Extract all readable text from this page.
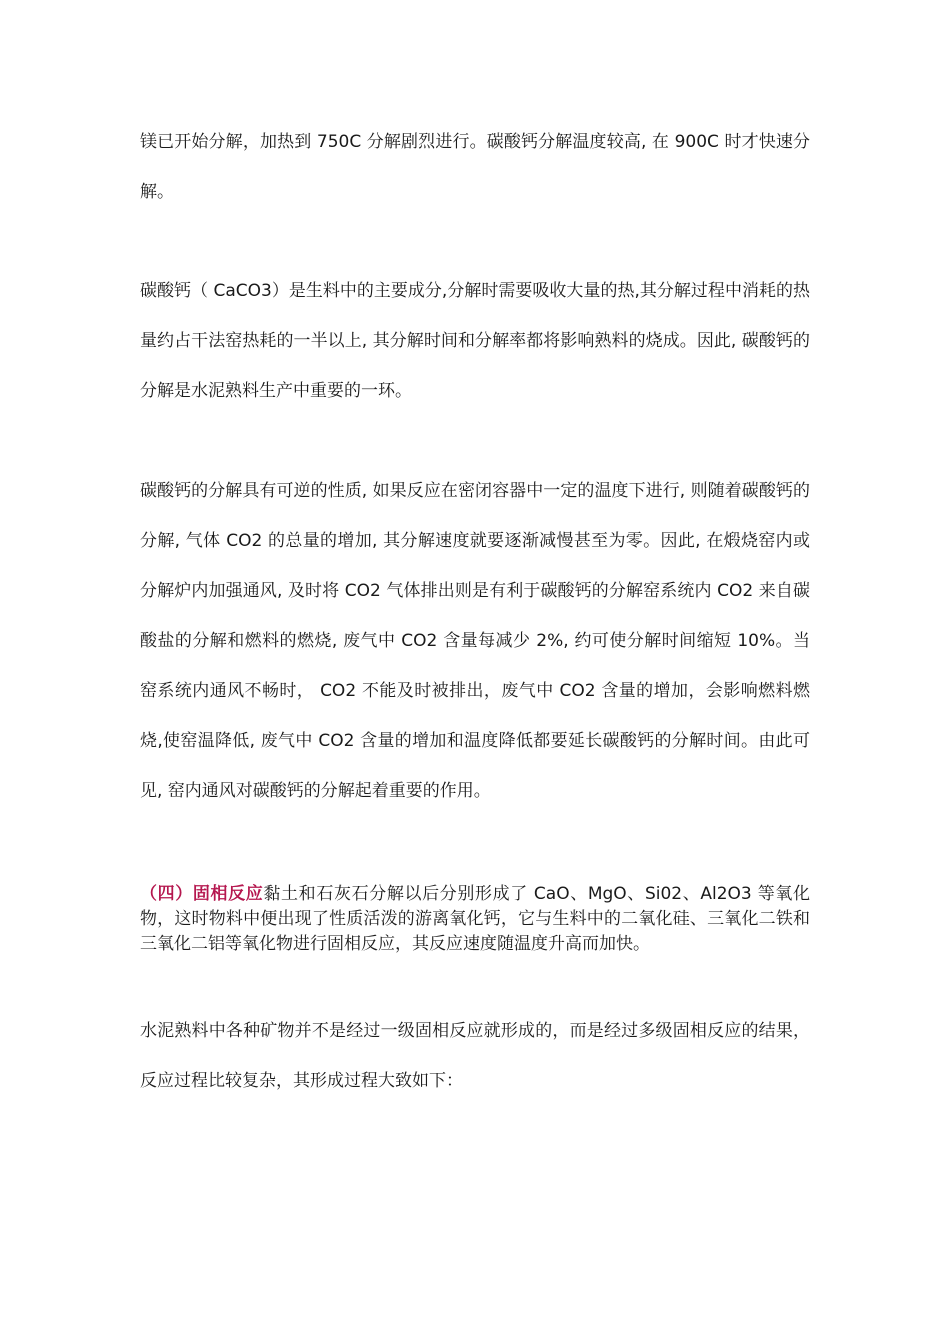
镁已开始分解，加热到 750C 分解剧烈进行。碳酸钙分解温度较高, 在 900C 时才快速分解。

碳酸钙（ CaCO3）是生料中的主要成分,分解时需要吸收大量的热,其分解过程中消耗的热量约占干法窑热耗的一半以上, 其分解时间和分解率都将影响熟料的烧成。因此, 碳酸钙的分解是水泥熟料生产中重要的一环。

碳酸钙的分解具有可逆的性质, 如果反应在密闭容器中一定的温度下进行, 则随着碳酸钙的分解, 气体 CO2 的总量的增加, 其分解速度就要逐渐减慢甚至为零。因此, 在煅烧窑内或分解炉内加强通风, 及时将 CO2 气体排出则是有利于碳酸钙的分解窑系统内 CO2 来自碳酸盐的分解和燃料的燃烧, 废气中 CO2 含量每减少 2%, 约可使分解时间缩短 10%。当窑系统内通风不畅时， CO2 不能及时被排出，废气中 CO2 含量的增加，会影响燃料燃烧,使窑温降低, 废气中 CO2 含量的增加和温度降低都要延长碳酸钙的分解时间。由此可见, 窑内通风对碳酸钙的分解起着重要的作用。

（四）固相反应黏土和石灰石分解以后分别形成了 CaO、MgO、Si02、Al2O3 等氧化物，这时物料中便出现了性质活泼的游离氧化钙，它与生料中的二氧化硅、三氧化二铁和三氧化二铝等氧化物进行固相反应，其反应速度随温度升高而加快。

水泥熟料中各种矿物并不是经过一级固相反应就形成的，而是经过多级固相反应的结果，反应过程比较复杂，其形成过程大致如下：
